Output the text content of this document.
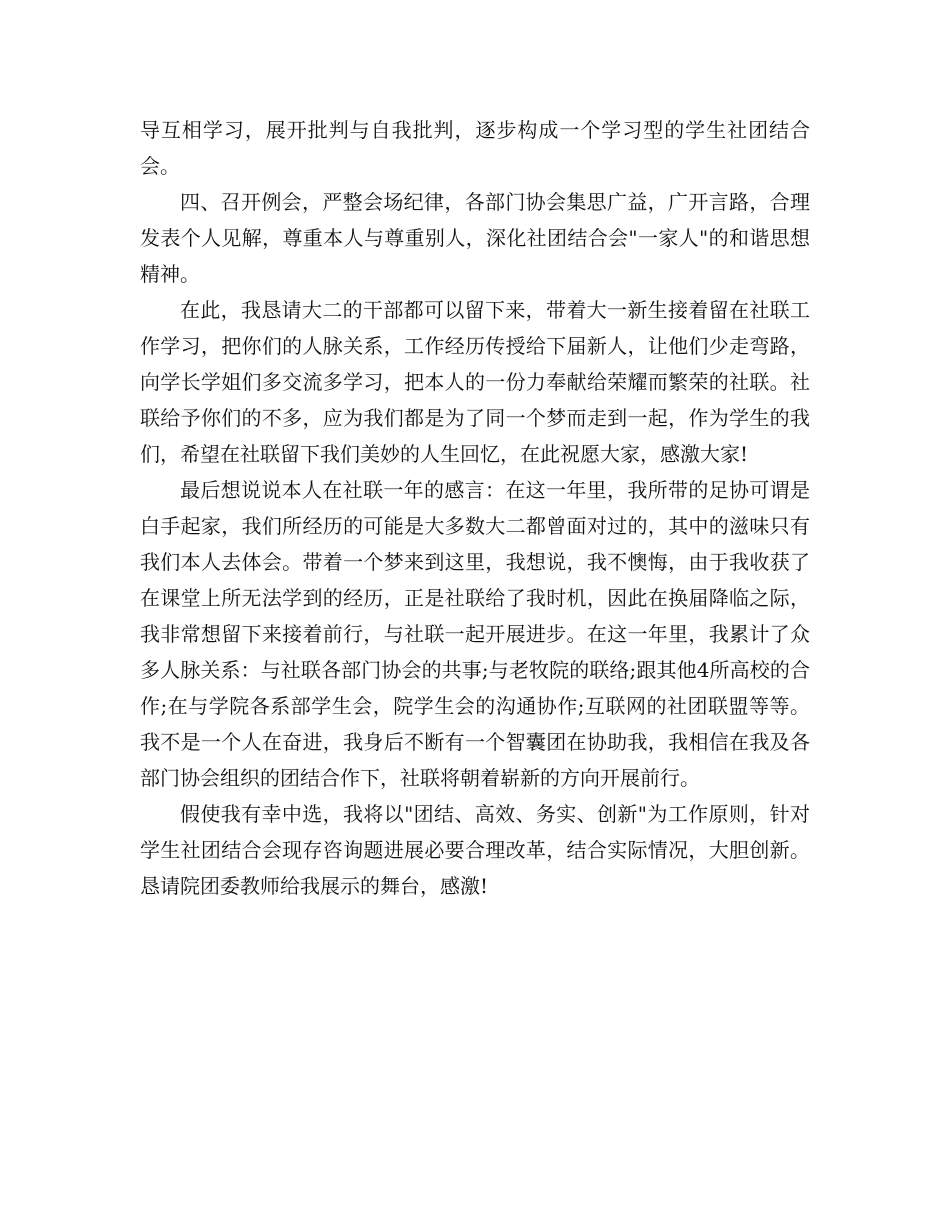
导互相学习，展开批判与自我批判，逐步构成一个学习型的学生社团结合会。

四、召开例会，严整会场纪律，各部门协会集思广益，广开言路，合理发表个人见解，尊重本人与尊重别人，深化社团结合会"一家人"的和谐思想精神。

在此，我恳请大二的干部都可以留下来，带着大一新生接着留在社联工作学习，把你们的人脉关系，工作经历传授给下届新人，让他们少走弯路，向学长学姐们多交流多学习，把本人的一份力奉献给荣耀而繁荣的社联。社联给予你们的不多，应为我们都是为了同一个梦而走到一起，作为学生的我们，希望在社联留下我们美妙的人生回忆，在此祝愿大家，感激大家!

最后想说说本人在社联一年的感言：在这一年里，我所带的足协可谓是白手起家，我们所经历的可能是大多数大二都曾面对过的，其中的滋味只有我们本人去体会。带着一个梦来到这里，我想说，我不懊悔，由于我收获了在课堂上所无法学到的经历，正是社联给了我时机，因此在换届降临之际，我非常想留下来接着前行，与社联一起开展进步。在这一年里，我累计了众多人脉关系：与社联各部门协会的共事;与老牧院的联络;跟其他4所高校的合作;在与学院各系部学生会，院学生会的沟通协作;互联网的社团联盟等等。我不是一个人在奋进，我身后不断有一个智囊团在协助我，我相信在我及各部门协会组织的团结合作下，社联将朝着崭新的方向开展前行。

假使我有幸中选，我将以"团结、高效、务实、创新"为工作原则，针对学生社团结合会现存咨询题进展必要合理改革，结合实际情况，大胆创新。恳请院团委教师给我展示的舞台，感激!
